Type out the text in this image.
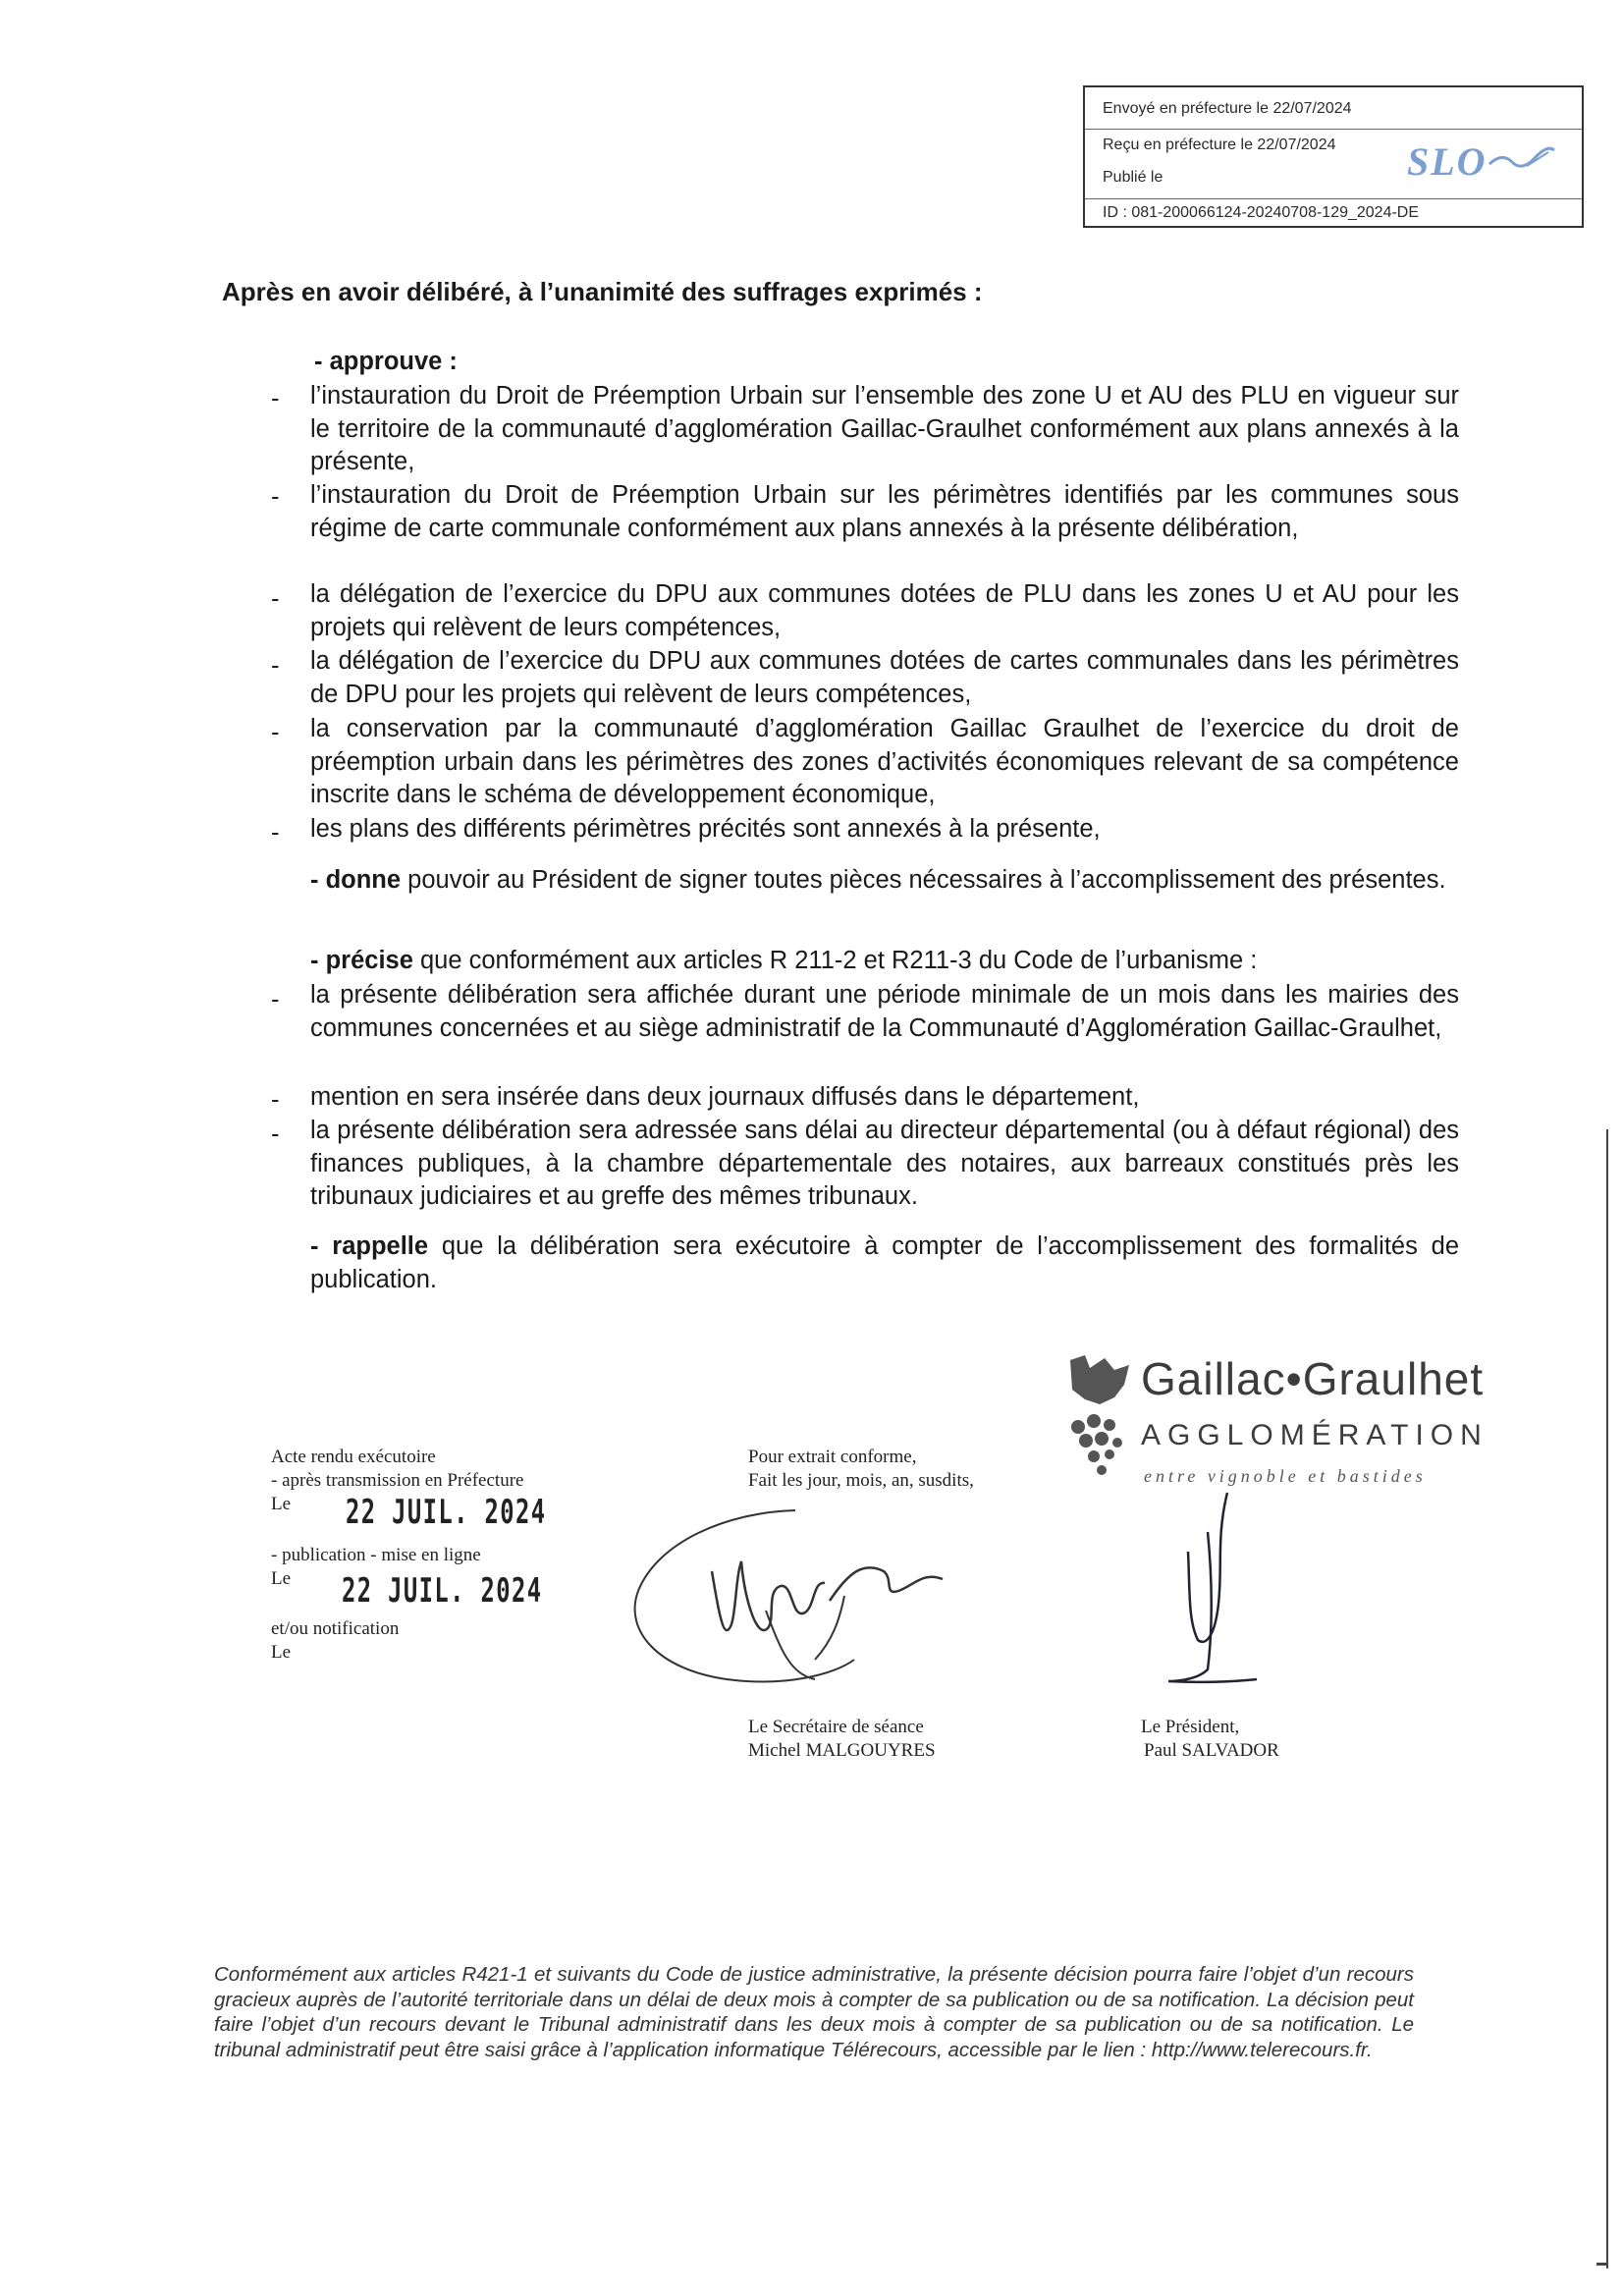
Envoyé en préfecture le 22/07/2024
Reçu en préfecture le 22/07/2024
Publié le	SLO
ID : 081-200066124-20240708-129_2024-DE
Après en avoir délibéré, à l’unanimité des suffrages exprimés :
- approuve :
- l’instauration du Droit de Préemption Urbain sur l’ensemble des zone U et AU des PLU en vigueur sur le territoire de la communauté d’agglomération Gaillac-Graulhet conformément aux plans annexés à la présente,
- l’instauration du Droit de Préemption Urbain sur les périmètres identifiés par les communes sous régime de carte communale conformément aux plans annexés à la présente délibération,
- la délégation de l’exercice du DPU aux communes dotées de PLU dans les zones U et AU pour les projets qui relèvent de leurs compétences,
- la délégation de l’exercice du DPU aux communes dotées de cartes communales dans les périmètres de DPU pour les projets qui relèvent de leurs compétences,
- la conservation par la communauté d’agglomération Gaillac Graulhet de l’exercice du droit de préemption urbain dans les périmètres des zones d’activités économiques relevant de sa compétence inscrite dans le schéma de développement économique,
- les plans des différents périmètres précités sont annexés à la présente,
- donne pouvoir au Président de signer toutes pièces nécessaires à l’accomplissement des présentes.
- précise que conformément aux articles R 211-2 et R211-3 du Code de l’urbanisme :
- la présente délibération sera affichée durant une période minimale de un mois dans les mairies des communes concernées et au siège administratif de la Communauté d’Agglomération Gaillac-Graulhet,
- mention en sera insérée dans deux journaux diffusés dans le département,
- la présente délibération sera adressée sans délai au directeur départemental (ou à défaut régional) des finances publiques, à la chambre départementale des notaires, aux barreaux constitués près les tribunaux judiciaires et au greffe des mêmes tribunaux.
- rappelle que la délibération sera exécutoire à compter de l’accomplissement des formalités de publication.
Gaillac•Graulhet
AGGLOMÉRATION
entre vignoble et bastides
Acte rendu exécutoire
- après transmission en Préfecture
Le 22 JUIL. 2024
- publication - mise en ligne
Le 22 JUIL. 2024
et/ou notification
Le
Pour extrait conforme,
Fait les jour, mois, an, susdits,
Le Secrétaire de séance
Michel MALGOUYRES
Le Président,
Paul SALVADOR
Conformément aux articles R421-1 et suivants du Code de justice administrative, la présente décision pourra faire l’objet d’un recours gracieux auprès de l’autorité territoriale dans un délai de deux mois à compter de sa publication ou de sa notification. La décision peut faire l’objet d’un recours devant le Tribunal administratif dans les deux mois à compter de sa publication ou de sa notification. Le tribunal administratif peut être saisi grâce à l’application informatique Télérecours, accessible par le lien : http://www.telerecours.fr.
